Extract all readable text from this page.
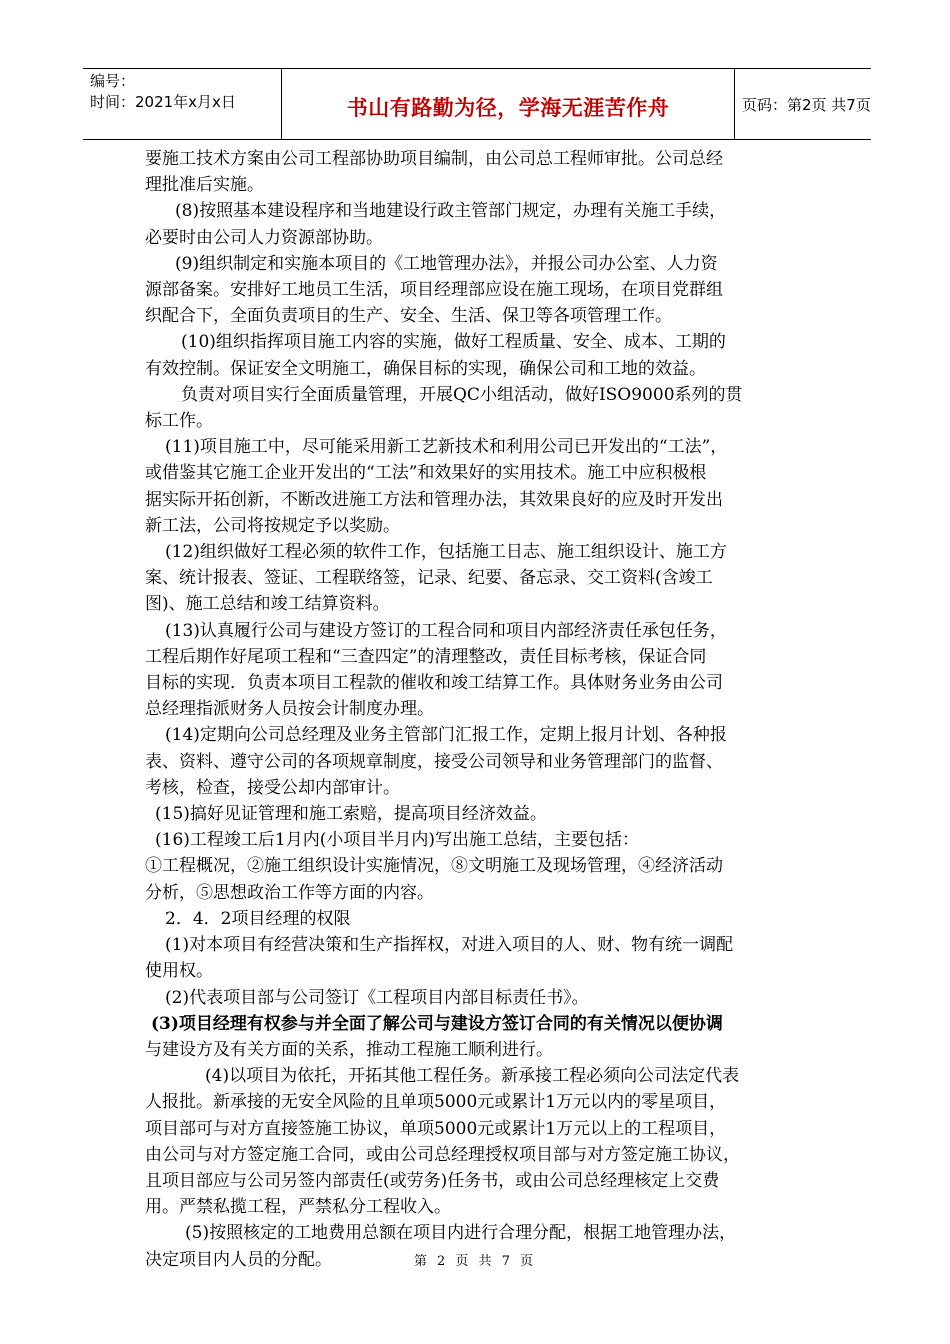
编号：
时间：2021年x月x日	书山有路勤为径，学海无涯苦作舟	页码：第2页 共7页

要施工技术方案由公司工程部协助项目编制，由公司总工程师审批。公司总经

理批准后实施。

(8)按照基本建设程序和当地建设行政主管部门规定，办理有关施工手续，

必要时由公司人力资源部协助。

(9)组织制定和实施本项目的《工地管理办法》，并报公司办公室、人力资

源部备案。安排好工地员工生活，项目经理部应设在施工现场，在项目党群组

织配合下，全面负责项目的生产、安全、生活、保卫等各项管理工作。

(10)组织指挥项目施工内容的实施，做好工程质量、安全、成本、工期的

有效控制。保证安全文明施工，确保目标的实现，确保公司和工地的效益。

负责对项目实行全面质量管理，开展QC小组活动，做好ISO9000系列的贯

标工作。

(11)项目施工中，尽可能采用新工艺新技术和利用公司已开发出的“工法”，

或借鉴其它施工企业开发出的“工法”和效果好的实用技术。施工中应积极根

据实际开拓创新，不断改进施工方法和管理办法，其效果良好的应及时开发出

新工法，公司将按规定予以奖励。

(12)组织做好工程必须的软件工作，包括施工日志、施工组织设计、施工方

案、统计报表、签证、工程联络签，记录、纪要、备忘录、交工资料(含竣工

图)、施工总结和竣工结算资料。

(13)认真履行公司与建设方签订的工程合同和项目内部经济责任承包任务，

工程后期作好尾项工程和“三查四定”的清理整改，责任目标考核，保证合同

目标的实现．负责本项目工程款的催收和竣工结算工作。具体财务业务由公司

总经理指派财务人员按会计制度办理。

(14)定期向公司总经理及业务主管部门汇报工作，定期上报月计划、各种报

表、资料、遵守公司的各项规章制度，接受公司领导和业务管理部门的监督、

考核，检查，接受公却内部审计。

(15)搞好见证管理和施工索赔，提高项目经济效益。

(16)工程竣工后1月内(小项目半月内)写出施工总结，主要包括：

①工程概况，②施工组织设计实施情况，⑧文明施工及现场管理，④经济活动

分析，⑤思想政治工作等方面的内容。

2．4．2项目经理的权限

(1)对本项目有经营决策和生产指挥权，对进入项目的人、财、物有统一调配

使用权。

(2)代表项目部与公司签订《工程项目内部目标责任书》。

(3)项目经理有权参与并全面了解公司与建设方签订合同的有关情况以便协调

与建设方及有关方面的关系，推动工程施工顺利进行。

(4)以项目为依托，开拓其他工程任务。新承接工程必须向公司法定代表

人报批。新承接的无安全风险的且单项5000元或累计1万元以内的零星项目，

项目部可与对方直接签施工协议，单项5000元或累计1万元以上的工程项目，

由公司与对方签定施工合同，或由公司总经理授权项目部与对方签定施工协议，

且项目部应与公司另签内部责任(或劳务)任务书，或由公司总经理核定上交费

用。严禁私揽工程，严禁私分工程收入。

(5)按照核定的工地费用总额在项目内进行合理分配，根据工地管理办法，

决定项目内人员的分配。	第 2 页 共 7 页
